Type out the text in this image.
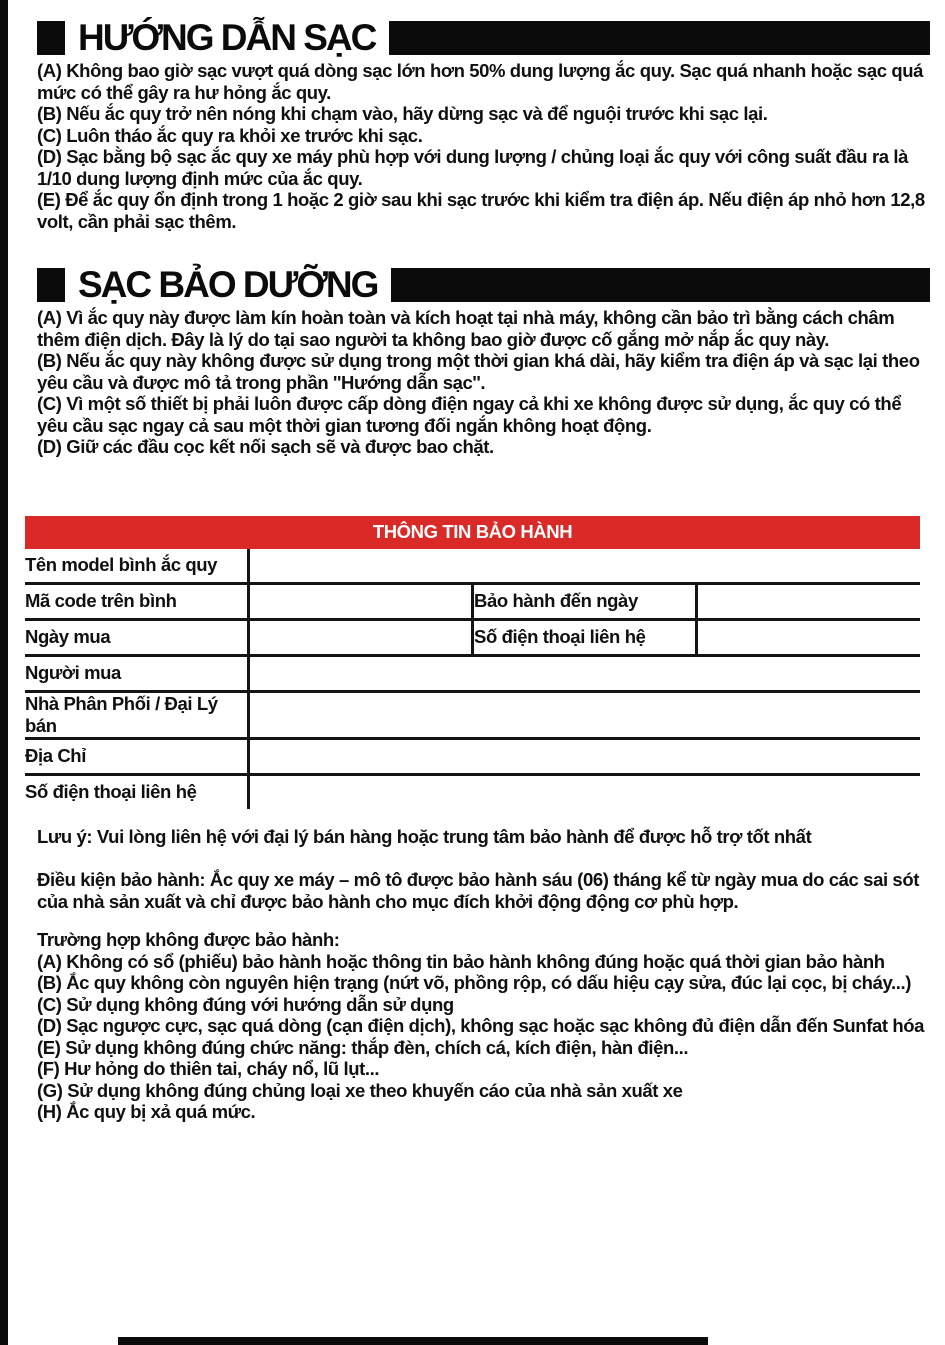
HƯỚNG DẪN SẠC

(A) Không bao giờ sạc vượt quá dòng sạc lớn hơn 50% dung lượng ắc quy. Sạc quá nhanh hoặc sạc quá mức có thể gây ra hư hỏng ắc quy.

(B) Nếu ắc quy trở nên nóng khi chạm vào, hãy dừng sạc và để nguội trước khi sạc lại.

(C) Luôn tháo ắc quy ra khỏi xe trước khi sạc.

(D) Sạc bằng bộ sạc ắc quy xe máy phù hợp với dung lượng / chủng loại ắc quy với công suất đầu ra là 1/10 dung lượng định mức của ắc quy.

(E) Để ắc quy ổn định trong 1 hoặc 2 giờ sau khi sạc trước khi kiểm tra điện áp. Nếu điện áp nhỏ hơn 12,8 volt, cần phải sạc thêm.

SẠC BẢO DƯỠNG

(A) Vì ắc quy này được làm kín hoàn toàn và kích hoạt tại nhà máy, không cần bảo trì bằng cách châm thêm điện dịch. Đây là lý do tại sao người ta không bao giờ được cố gắng mở nắp ắc quy này.

(B) Nếu ắc quy này không được sử dụng trong một thời gian khá dài, hãy kiểm tra điện áp và sạc lại theo yêu cầu và được mô tả trong phần ''Hướng dẫn sạc''.

(C) Vì một số thiết bị phải luôn được cấp dòng điện ngay cả khi xe không được sử dụng, ắc quy có thể yêu cầu sạc ngay cả sau một thời gian tương đối ngắn không hoạt động.

(D) Giữ các đầu cọc kết nối sạch sẽ và được bao chặt.

THÔNG TIN BẢO HÀNH			
Tên model bình ắc quy			
Mã code trên bình		Bảo hành đến ngày	
Ngày mua		Số điện thoại liên hệ	
Người mua			
Nhà Phân Phối / Đại Lý bán			
Địa Chỉ			
Số điện thoại liên hệ			

Lưu ý: Vui lòng liên hệ với đại lý bán hàng hoặc trung tâm bảo hành để được hỗ trợ tốt nhất

Điều kiện bảo hành: Ắc quy xe máy – mô tô được bảo hành sáu (06) tháng kể từ ngày mua do các sai sót của nhà sản xuất và chỉ được bảo hành cho mục đích khởi động động cơ phù hợp.

Trường hợp không được bảo hành:

(A) Không có sổ (phiếu) bảo hành hoặc thông tin bảo hành không đúng hoặc quá thời gian bảo hành

(B) Ắc quy không còn nguyên hiện trạng (nứt võ, phồng rộp, có dấu hiệu cạy sửa, đúc lại cọc, bị cháy...)

(C) Sử dụng không đúng với hướng dẫn sử dụng

(D) Sạc ngược cực, sạc quá dòng (cạn điện dịch), không sạc hoặc sạc không đủ điện dẫn đến Sunfat hóa

(E) Sử dụng không đúng chức năng: thắp đèn, chích cá, kích điện, hàn điện...

(F) Hư hỏng do thiên tai, cháy nổ, lũ lụt...

(G) Sử dụng không đúng chủng loại xe theo khuyến cáo của nhà sản xuất xe

(H) Ắc quy bị xả quá mức.
